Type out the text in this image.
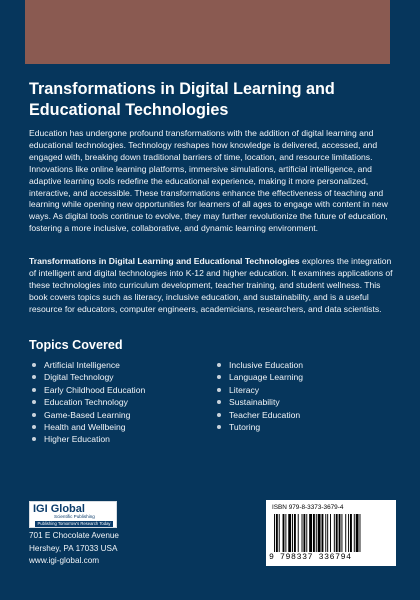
Transformations in Digital Learning and
Educational Technologies

Education has undergone profound transformations with the addition of digital learning and educational technologies. Technology reshapes how knowledge is delivered, accessed, and engaged with, breaking down traditional barriers of time, location, and resource limitations. Innovations like online learning platforms, immersive simulations, artificial intelligence, and adaptive learning tools redefine the educational experience, making it more personalized, interactive, and accessible. These transformations enhance the effectiveness of teaching and learning while opening new opportunities for learners of all ages to engage with content in new ways. As digital tools continue to evolve, they may further revolutionize the future of education, fostering a more inclusive, collaborative, and dynamic learning environment.

Transformations in Digital Learning and Educational Technologies explores the integration of intelligent and digital technologies into K-12 and higher education. It examines applications of these technologies into curriculum development, teacher training, and student wellness. This book covers topics such as literacy, inclusive education, and sustainability, and is a useful resource for educators, computer engineers, academicians, researchers, and data scientists.

Topics Covered
Artificial Intelligence
Digital Technology
Early Childhood Education
Education Technology
Game-Based Learning
Health and Wellbeing
Higher Education
Inclusive Education
Language Learning
Literacy
Sustainability
Teacher Education
Tutoring
IGI Global
Scientific Publishing
Publishing Tomorrow's Research Today
701 E Chocolate Avenue
Hershey, PA 17033 USA
www.igi-global.com
ISBN 979-8-3373-3679-4
9 798337 336794
